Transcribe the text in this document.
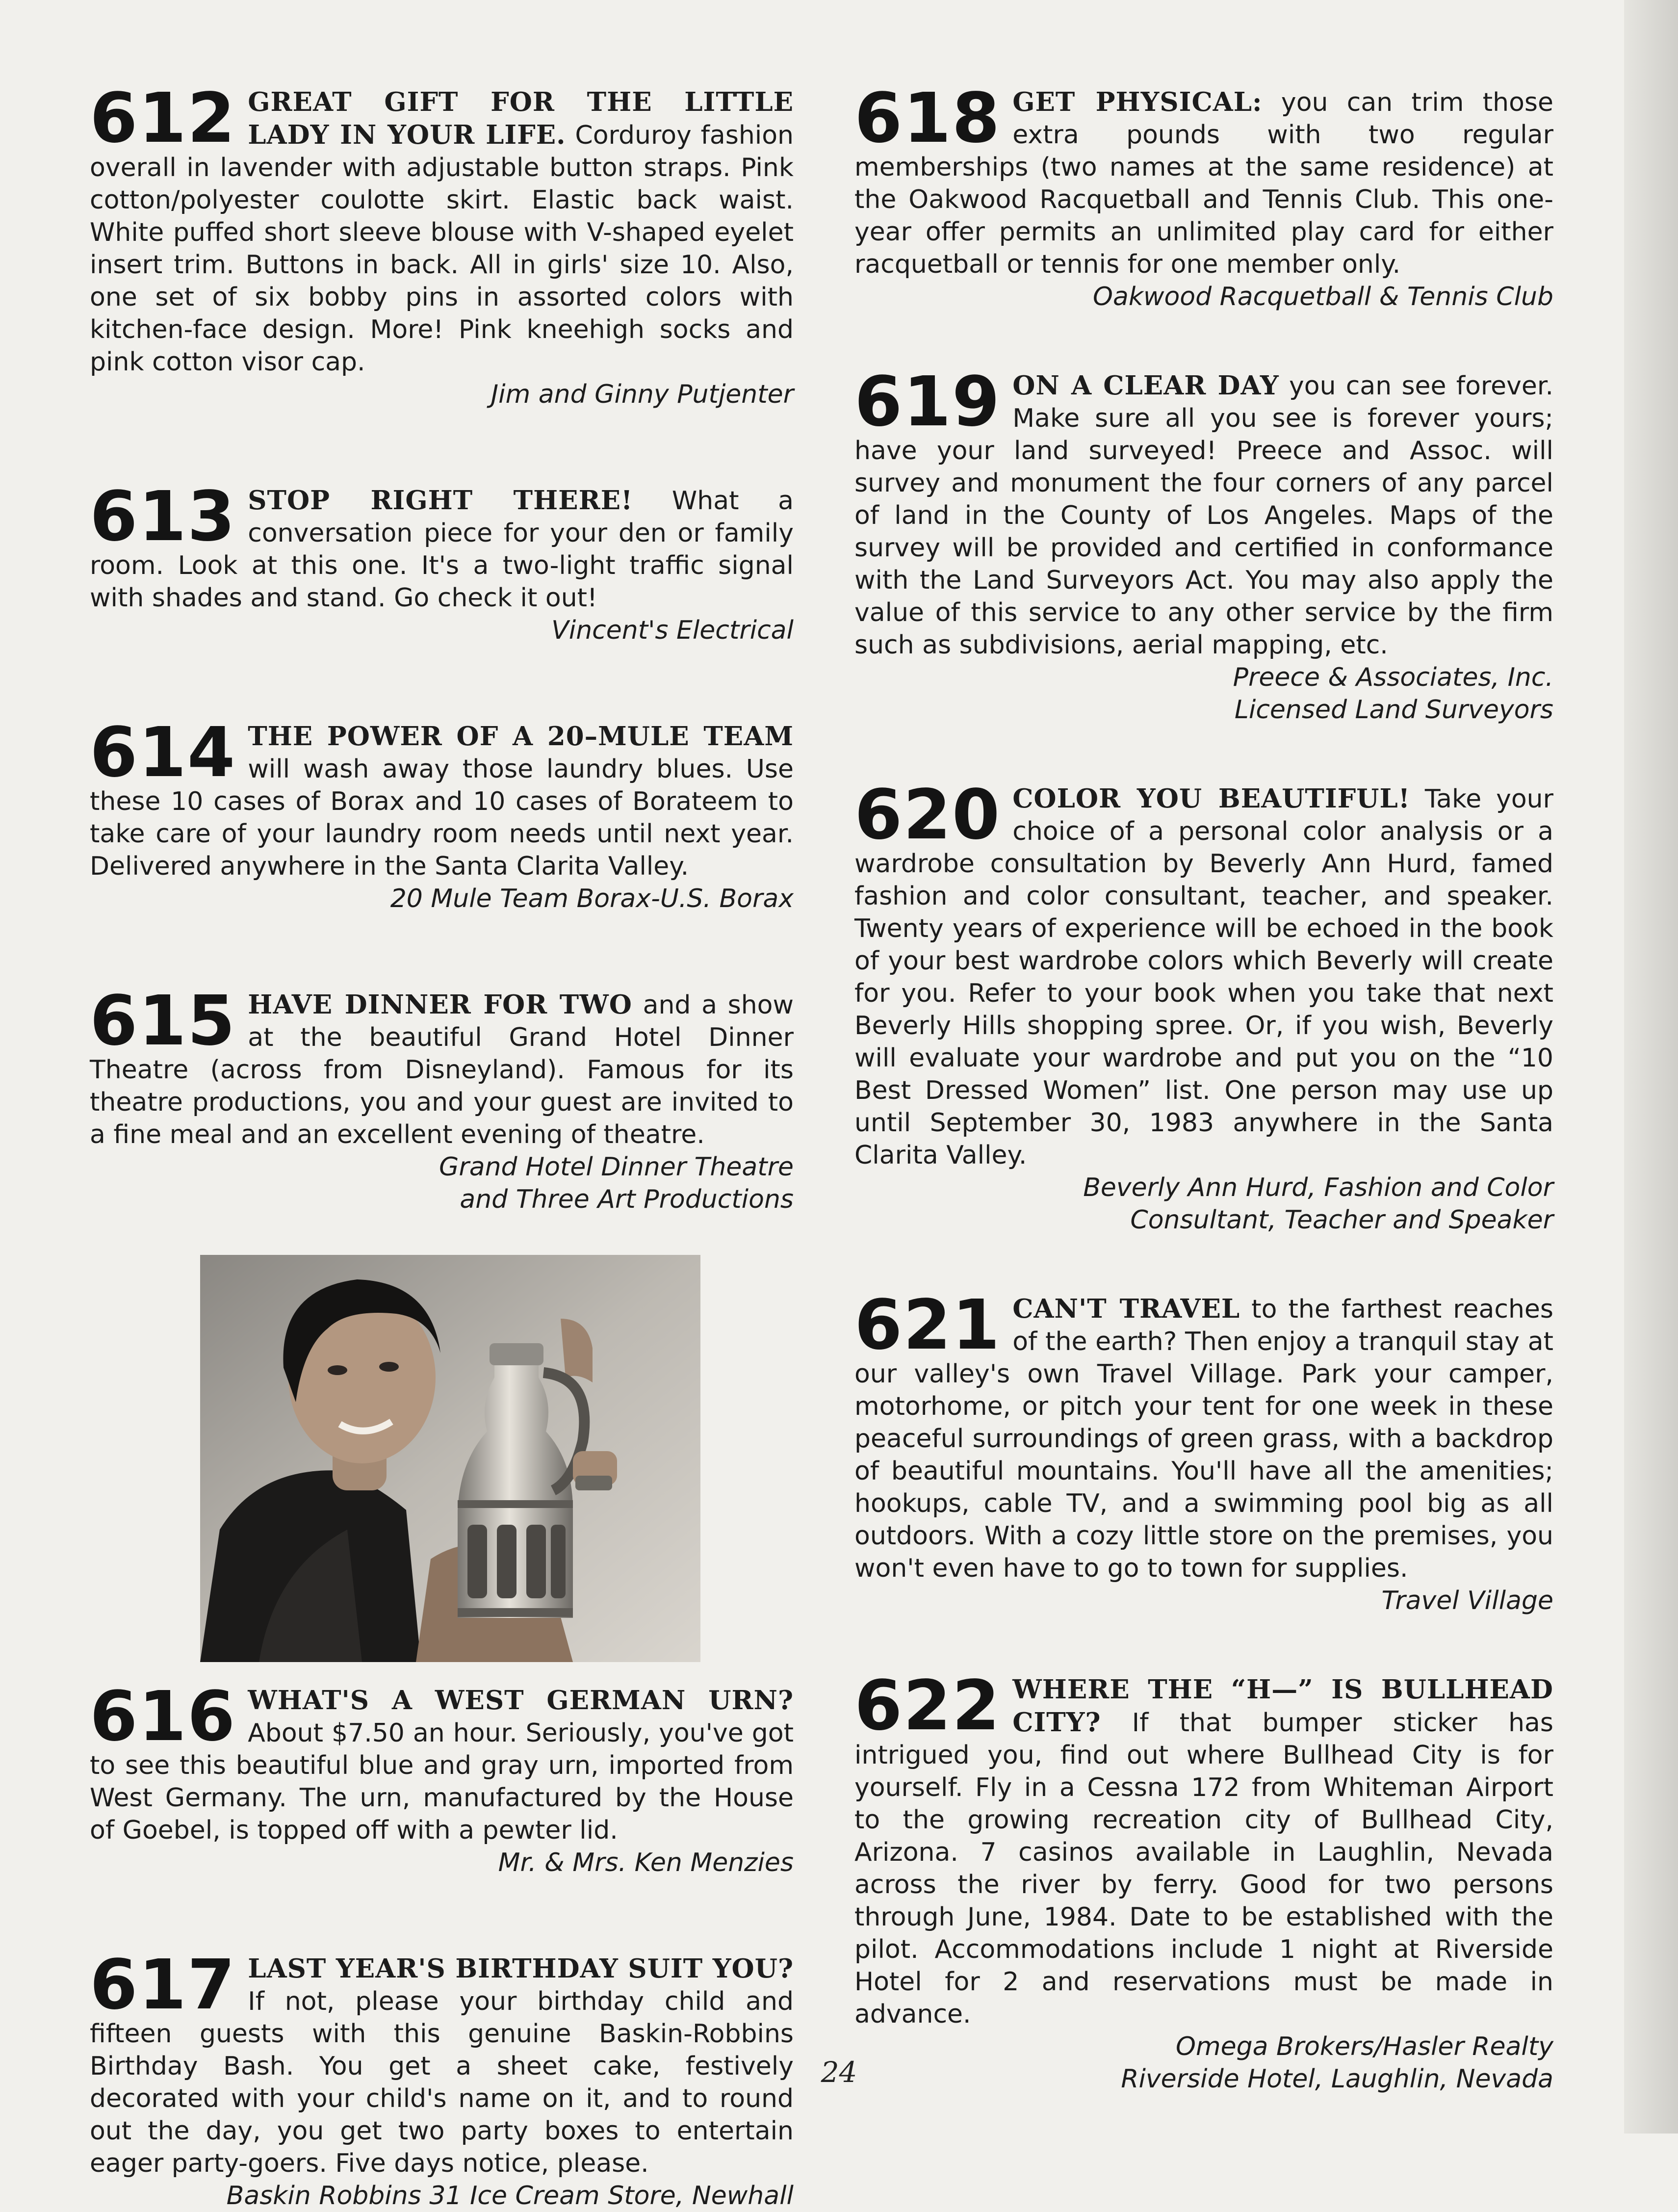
612 GREAT GIFT FOR THE LITTLE LADY IN YOUR LIFE. Corduroy fashion overall in lavender with adjustable button straps. Pink cotton/polyester coulotte skirt. Elastic back waist. White puffed short sleeve blouse with V-shaped eyelet insert trim. Buttons in back. All in girls' size 10. Also, one set of six bobby pins in assorted colors with kitchen-face design. More! Pink kneehigh socks and pink cotton visor cap.

Jim and Ginny Putjenter

613 STOP RIGHT THERE! What a conversation piece for your den or family room. Look at this one. It's a two-light traffic signal with shades and stand. Go check it out!

Vincent's Electrical

614 THE POWER OF A 20–MULE TEAM will wash away those laundry blues. Use these 10 cases of Borax and 10 cases of Borateem to take care of your laundry room needs until next year. Delivered anywhere in the Santa Clarita Valley.

20 Mule Team Borax-U.S. Borax

615 HAVE DINNER FOR TWO and a show at the beautiful Grand Hotel Dinner Theatre (across from Disneyland). Famous for its theatre productions, you and your guest are invited to a fine meal and an excellent evening of theatre.

Grand Hotel Dinner Theatre
and Three Art Productions

616 WHAT'S A WEST GERMAN URN? About $7.50 an hour. Seriously, you've got to see this beautiful blue and gray urn, imported from West Germany. The urn, manufactured by the House of Goebel, is topped off with a pewter lid.

Mr. & Mrs. Ken Menzies

617 LAST YEAR'S BIRTHDAY SUIT YOU? If not, please your birthday child and fifteen guests with this genuine Baskin-Robbins Birthday Bash. You get a sheet cake, festively decorated with your child's name on it, and to round out the day, you get two party boxes to entertain eager party-goers. Five days notice, please.

Baskin Robbins 31 Ice Cream Store, Newhall

618 GET PHYSICAL: you can trim those extra pounds with two regular memberships (two names at the same residence) at the Oakwood Racquetball and Tennis Club. This one-year offer permits an unlimited play card for either racquetball or tennis for one member only.

Oakwood Racquetball & Tennis Club

619 ON A CLEAR DAY you can see forever. Make sure all you see is forever yours; have your land surveyed! Preece and Assoc. will survey and monument the four corners of any parcel of land in the County of Los Angeles. Maps of the survey will be provided and certified in conformance with the Land Surveyors Act. You may also apply the value of this service to any other service by the firm such as subdivisions, aerial mapping, etc.

Preece & Associates, Inc.
Licensed Land Surveyors

620 COLOR YOU BEAUTIFUL! Take your choice of a personal color analysis or a wardrobe consultation by Beverly Ann Hurd, famed fashion and color consultant, teacher, and speaker. Twenty years of experience will be echoed in the book of your best wardrobe colors which Beverly will create for you. Refer to your book when you take that next Beverly Hills shopping spree. Or, if you wish, Beverly will evaluate your wardrobe and put you on the “10 Best Dressed Women” list. One person may use up until September 30, 1983 anywhere in the Santa Clarita Valley.

Beverly Ann Hurd, Fashion and Color
Consultant, Teacher and Speaker

621 CAN'T TRAVEL to the farthest reaches of the earth? Then enjoy a tranquil stay at our valley's own Travel Village. Park your camper, motorhome, or pitch your tent for one week in these peaceful surroundings of green grass, with a backdrop of beautiful mountains. You'll have all the amenities; hookups, cable TV, and a swimming pool big as all outdoors. With a cozy little store on the premises, you won't even have to go to town for supplies.

Travel Village

622 WHERE THE “H—” IS BULLHEAD CITY? If that bumper sticker has intrigued you, find out where Bullhead City is for yourself. Fly in a Cessna 172 from Whiteman Airport to the growing recreation city of Bullhead City, Arizona. 7 casinos available in Laughlin, Nevada across the river by ferry. Good for two persons through June, 1984. Date to be established with the pilot. Accommodations include 1 night at Riverside Hotel for 2 and reservations must be made in advance.

Omega Brokers/Hasler Realty
Riverside Hotel, Laughlin, Nevada

24
